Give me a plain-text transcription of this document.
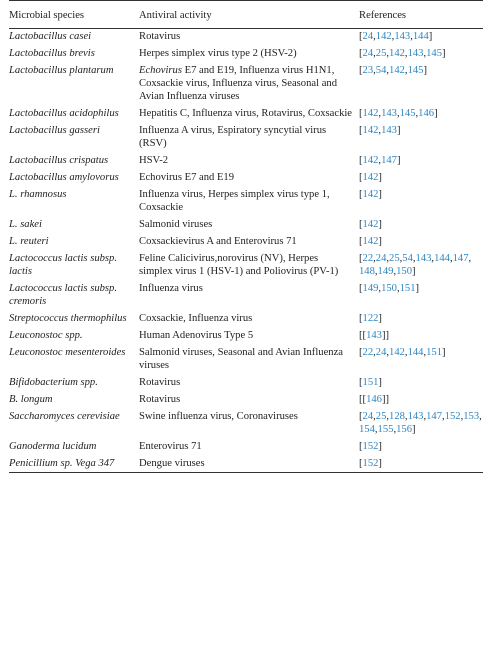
Microbial species	Antiviral activity	References
Lactobacillus casei	Rotavirus	[24,142,143,144]
Lactobacillus brevis	Herpes simplex virus type 2 (HSV-2)	[24,25,142,143,145]
Lactobacillus plantarum	Echovirus E7 and E19, Influenza virus H1N1, Coxsackie virus, Influenza virus, Seasonal and Avian Influenza viruses	[23,54,142,145]
Lactobacillus acidophilus	Hepatitis C, Influenza virus, Rotavirus, Coxsackie	[142,143,145,146]
Lactobacillus gasseri	Influenza A virus, Espiratory syncytial virus (RSV)	[142,143]
Lactobacillus crispatus	HSV-2	[142,147]
Lactobacillus amylovorus	Echovirus E7 and E19	[142]
L. rhamnosus	Influenza virus, Herpes simplex virus type 1, Coxsackie	[142]
L. sakei	Salmonid viruses	[142]
L. reuteri	Coxsackievirus A and Enterovirus 71	[142]
Lactococcus lactis subsp. lactis	Feline Calicivirus,norovirus (NV), Herpes simplex virus 1 (HSV-1) and Poliovirus (PV-1)	[22,24,25,54,143,144,147,148,149,150]
Lactococcus lactis subsp. cremoris	Influenza virus	[149,150,151]
Streptococcus thermophilus	Coxsackie, Influenza virus	[122]
Leuconostoc spp.	Human Adenovirus Type 5	[[143]]
Leuconostoc mesenteroides	Salmonid viruses, Seasonal and Avian Influenza viruses	[22,24,142,144,151]
Bifidobacterium spp.	Rotavirus	[151]
B. longum	Rotavirus	[[146]]
Saccharomyces cerevisiae	Swine influenza virus, Coronaviruses	[24,25,128,143,147,152,153,154,155,156]
Ganoderma lucidum	Enterovirus 71	[152]
Penicillium sp. Vega 347	Dengue viruses	[152]
